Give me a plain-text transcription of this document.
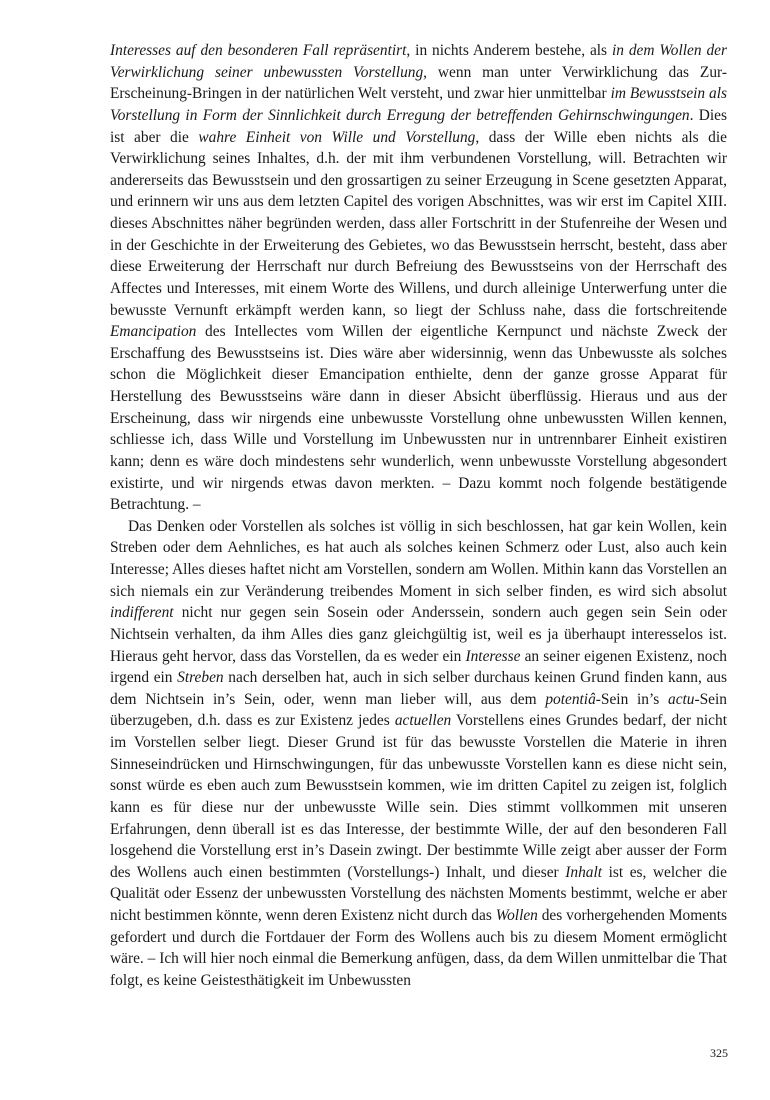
Interesses auf den besonderen Fall repräsentirt, in nichts Anderem bestehe, als in dem Wollen der Verwirklichung seiner unbewussten Vorstellung, wenn man unter Verwirklichung das Zur-Erscheinung-Bringen in der natürlichen Welt versteht, und zwar hier unmittelbar im Bewusstsein als Vorstellung in Form der Sinnlichkeit durch Erregung der betreffenden Gehirnschwingungen. Dies ist aber die wahre Einheit von Wille und Vorstellung, dass der Wille eben nichts als die Verwirklichung seines Inhaltes, d.h. der mit ihm verbundenen Vorstellung, will. Betrachten wir andererseits das Bewusstsein und den grossartigen zu seiner Erzeugung in Scene gesetzten Apparat, und erinnern wir uns aus dem letzten Capitel des vorigen Abschnittes, was wir erst im Capitel XIII. dieses Abschnittes näher begründen werden, dass aller Fortschritt in der Stufenreihe der Wesen und in der Geschichte in der Erweiterung des Gebietes, wo das Bewusstsein herrscht, besteht, dass aber diese Erweiterung der Herrschaft nur durch Befreiung des Bewusstseins von der Herrschaft des Affectes und Interesses, mit einem Worte des Willens, und durch alleinige Unterwerfung unter die bewusste Vernunft erkämpft werden kann, so liegt der Schluss nahe, dass die fortschreitende Emancipation des Intellectes vom Willen der eigentliche Kernpunct und nächste Zweck der Erschaffung des Bewusstseins ist. Dies wäre aber widersinnig, wenn das Unbewusste als solches schon die Möglichkeit dieser Emancipation enthielte, denn der ganze grosse Apparat für Herstellung des Bewusstseins wäre dann in dieser Absicht überflüssig. Hieraus und aus der Erscheinung, dass wir nirgends eine unbewusste Vorstellung ohne unbewussten Willen kennen, schliesse ich, dass Wille und Vorstellung im Unbewussten nur in untrennbarer Einheit existiren kann; denn es wäre doch mindestens sehr wunderlich, wenn unbewusste Vorstellung abgesondert existirte, und wir nirgends etwas davon merkten. – Dazu kommt noch folgende bestätigende Betrachtung. –

Das Denken oder Vorstellen als solches ist völlig in sich beschlossen, hat gar kein Wollen, kein Streben oder dem Aehnliches, es hat auch als solches keinen Schmerz oder Lust, also auch kein Interesse; Alles dieses haftet nicht am Vorstellen, sondern am Wollen. Mithin kann das Vorstellen an sich niemals ein zur Veränderung treibendes Moment in sich selber finden, es wird sich absolut indifferent nicht nur gegen sein Sosein oder Anderssein, sondern auch gegen sein Sein oder Nichtsein verhalten, da ihm Alles dies ganz gleichgültig ist, weil es ja überhaupt interesselos ist. Hieraus geht hervor, dass das Vorstellen, da es weder ein Interesse an seiner eigenen Existenz, noch irgend ein Streben nach derselben hat, auch in sich selber durchaus keinen Grund finden kann, aus dem Nichtsein in’s Sein, oder, wenn man lieber will, aus dem potentiâ-Sein in’s actu-Sein überzugeben, d.h. dass es zur Existenz jedes actuellen Vorstellens eines Grundes bedarf, der nicht im Vorstellen selber liegt. Dieser Grund ist für das bewusste Vorstellen die Materie in ihren Sinneseindrücken und Hirnschwingungen, für das unbewusste Vorstellen kann es diese nicht sein, sonst würde es eben auch zum Bewusstsein kommen, wie im dritten Capitel zu zeigen ist, folglich kann es für diese nur der unbewusste Wille sein. Dies stimmt vollkommen mit unseren Erfahrungen, denn überall ist es das Interesse, der bestimmte Wille, der auf den besonderen Fall losgehend die Vorstellung erst in’s Dasein zwingt. Der bestimmte Wille zeigt aber ausser der Form des Wollens auch einen bestimmten (Vorstellungs-) Inhalt, und dieser Inhalt ist es, welcher die Qualität oder Essenz der unbewussten Vorstellung des nächsten Moments bestimmt, welche er aber nicht bestimmen könnte, wenn deren Existenz nicht durch das Wollen des vorhergehenden Moments gefordert und durch die Fortdauer der Form des Wollens auch bis zu diesem Moment ermöglicht wäre. – Ich will hier noch einmal die Bemerkung anfügen, dass, da dem Willen unmittelbar die That folgt, es keine Geistesthätigkeit im Unbewussten

325
